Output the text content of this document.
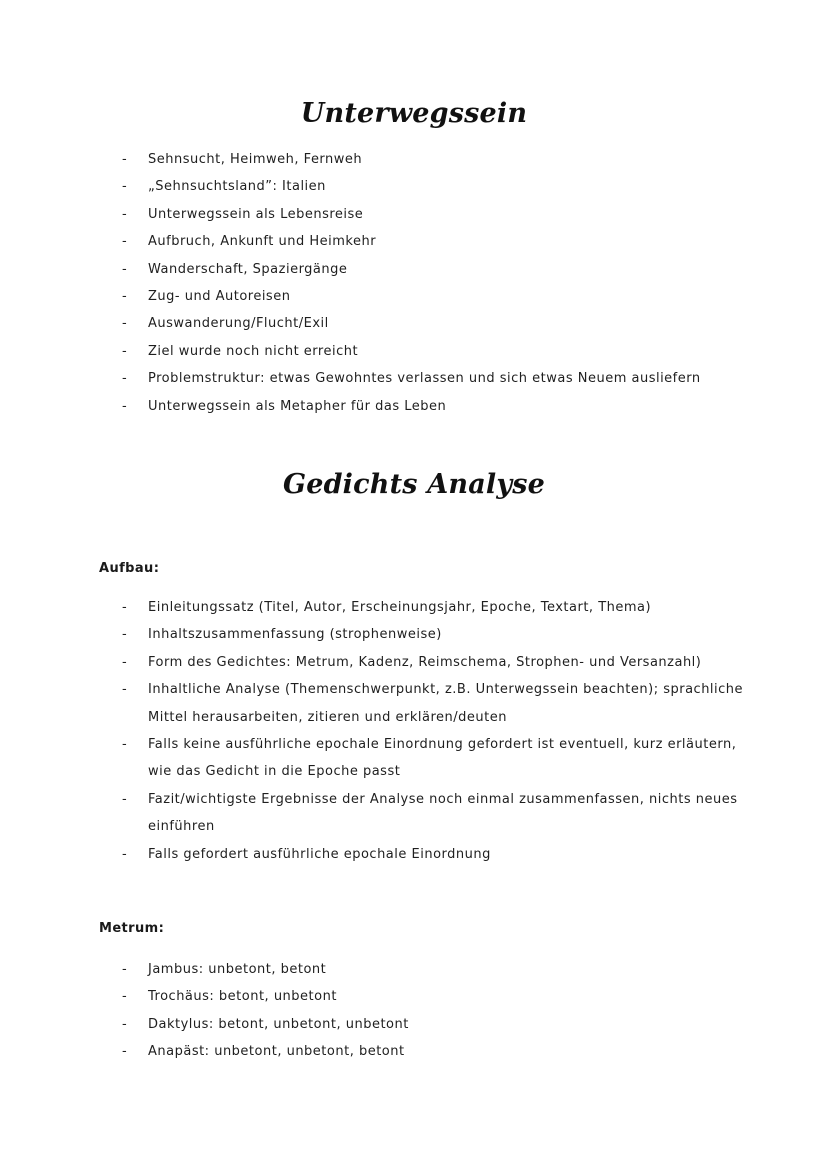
Unterwegssein
- Sehnsucht, Heimweh, Fernweh
- „Sehnsuchtsland”: Italien
- Unterwegssein als Lebensreise
- Aufbruch, Ankunft und Heimkehr
- Wanderschaft, Spaziergänge
- Zug- und Autoreisen
- Auswanderung/Flucht/Exil
- Ziel wurde noch nicht erreicht
- Problemstruktur: etwas Gewohntes verlassen und sich etwas Neuem ausliefern
- Unterwegssein als Metapher für das Leben
Gedichts Analyse
Aufbau:
- Einleitungssatz (Titel, Autor, Erscheinungsjahr, Epoche, Textart, Thema)
- Inhaltszusammenfassung (strophenweise)
- Form des Gedichtes: Metrum, Kadenz, Reimschema, Strophen- und Versanzahl)
- Inhaltliche Analyse (Themenschwerpunkt, z.B. Unterwegssein beachten); sprachliche Mittel herausarbeiten, zitieren und erklären/deuten
- Falls keine ausführliche epochale Einordnung gefordert ist eventuell, kurz erläutern, wie das Gedicht in die Epoche passt
- Fazit/wichtigste Ergebnisse der Analyse noch einmal zusammenfassen, nichts neues einführen
- Falls gefordert ausführliche epochale Einordnung
Metrum:
- Jambus: unbetont, betont
- Trochäus: betont, unbetont
- Daktylus: betont, unbetont, unbetont
- Anapäst: unbetont, unbetont, betont
